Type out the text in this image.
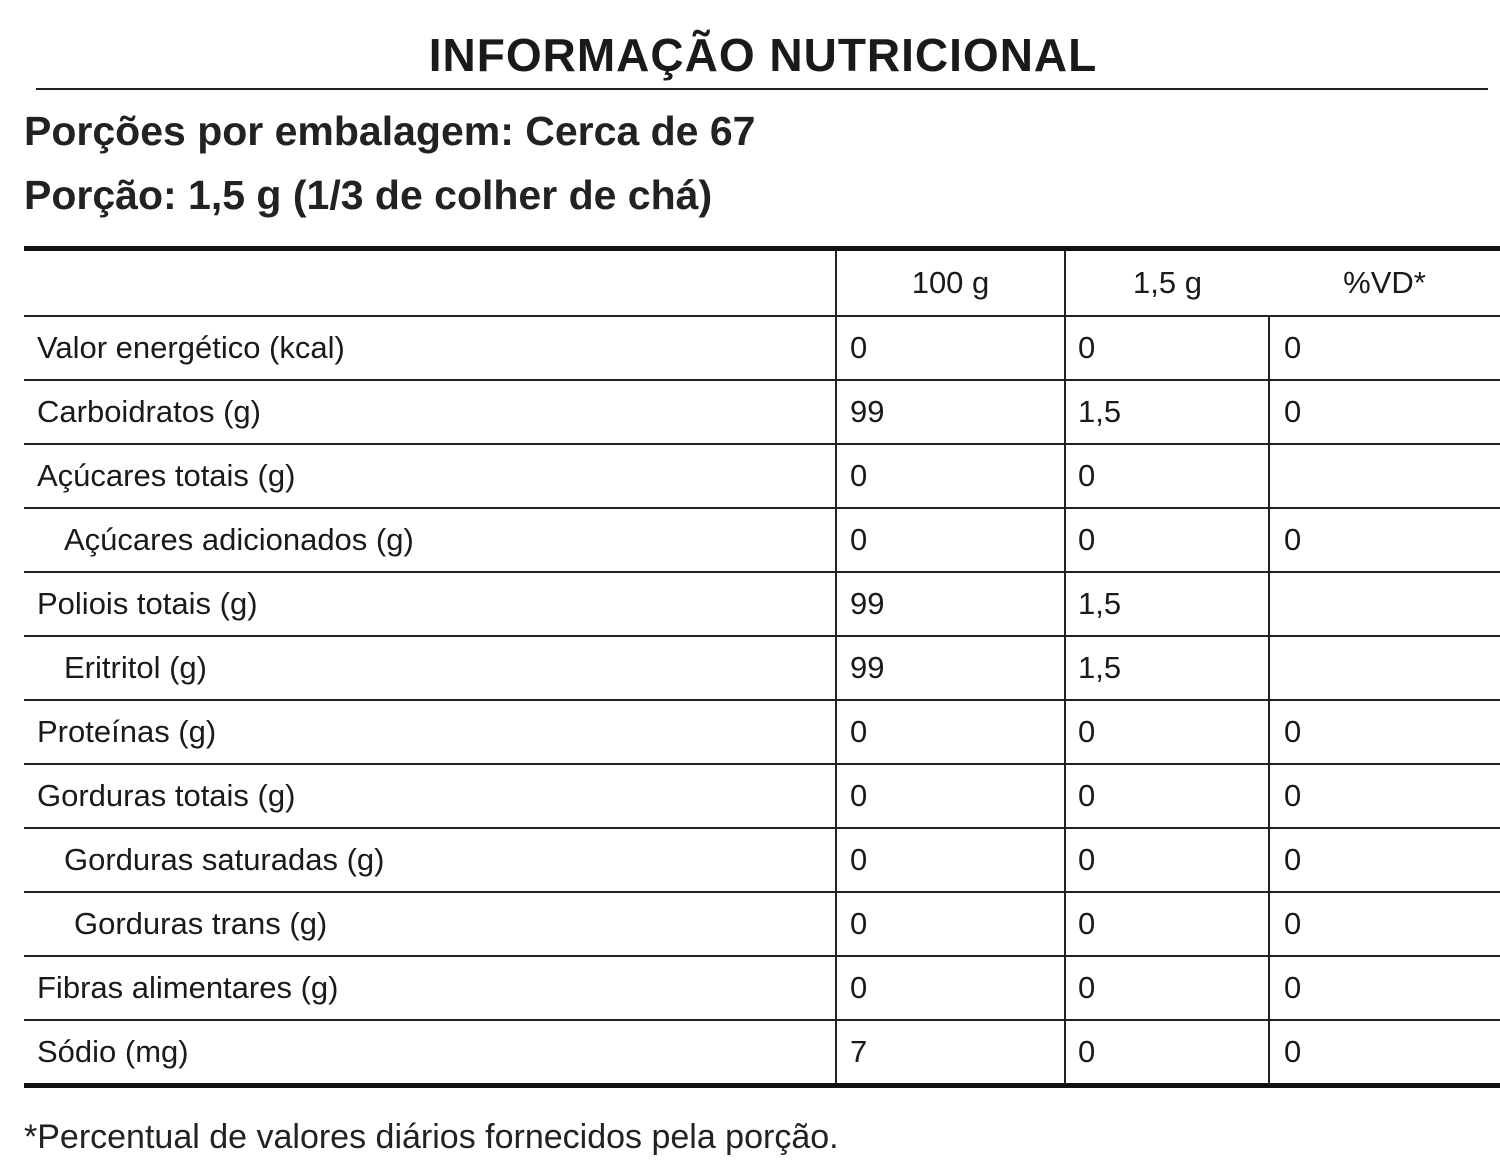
INFORMAÇÃO NUTRICIONAL
Porções por embalagem: Cerca de 67
Porção: 1,5 g (1/3 de colher de chá)
	100 g	1,5 g	%VD*
Valor energético (kcal)	0	0	0
Carboidratos (g)	99	1,5	0
Açúcares totais (g)	0	0	
Açúcares adicionados (g)	0	0	0
Poliois totais (g)	99	1,5	
Eritritol (g)	99	1,5	
Proteínas (g)	0	0	0
Gorduras totais (g)	0	0	0
Gorduras saturadas (g)	0	0	0
Gorduras trans (g)	0	0	0
Fibras alimentares (g)	0	0	0
Sódio (mg)	7	0	0
*Percentual de valores diários fornecidos pela porção.
